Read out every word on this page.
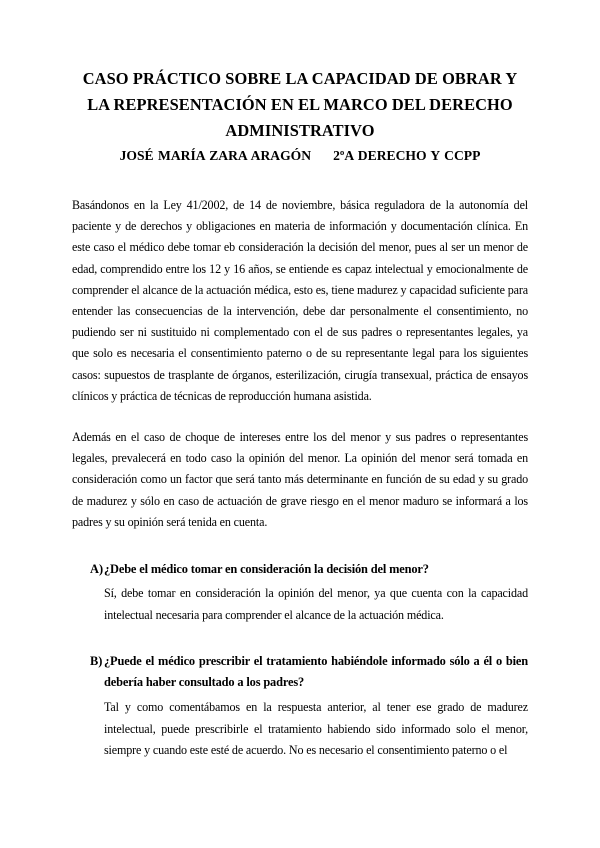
CASO PRÁCTICO SOBRE LA CAPACIDAD DE OBRAR Y LA REPRESENTACIÓN EN EL MARCO DEL DERECHO ADMINISTRATIVO

JOSÉ MARÍA ZARA ARAGÓN 2ºA DERECHO Y CCPP

Basándonos en la Ley 41/2002, de 14 de noviembre, básica reguladora de la autonomía del paciente y de derechos y obligaciones en materia de información y documentación clínica. En este caso el médico debe tomar eb consideración la decisión del menor, pues al ser un menor de edad, comprendido entre los 12 y 16 años, se entiende es capaz intelectual y emocionalmente de comprender el alcance de la actuación médica, esto es, tiene madurez y capacidad suficiente para entender las consecuencias de la intervención, debe dar personalmente el consentimiento, no pudiendo ser ni sustituido ni complementado con el de sus padres o representantes legales, ya que solo es necesaria el consentimiento paterno o de su representante legal para los siguientes casos: supuestos de trasplante de órganos, esterilización, cirugía transexual, práctica de ensayos clínicos y práctica de técnicas de reproducción humana asistida.

Además en el caso de choque de intereses entre los del menor y sus padres o representantes legales, prevalecerá en todo caso la opinión del menor. La opinión del menor será tomada en consideración como un factor que será tanto más determinante en función de su edad y su grado de madurez y sólo en caso de actuación de grave riesgo en el menor maduro se informará a los padres y su opinión será tenida en cuenta.

A) ¿Debe el médico tomar en consideración la decisión del menor?

Sí, debe tomar en consideración la opinión del menor, ya que cuenta con la capacidad intelectual necesaria para comprender el alcance de la actuación médica.

B) ¿Puede el médico prescribir el tratamiento habiéndole informado sólo a él o bien debería haber consultado a los padres?

Tal y como comentábamos en la respuesta anterior, al tener ese grado de madurez intelectual, puede prescribirle el tratamiento habiendo sido informado solo el menor, siempre y cuando este esté de acuerdo. No es necesario el consentimiento paterno o el
